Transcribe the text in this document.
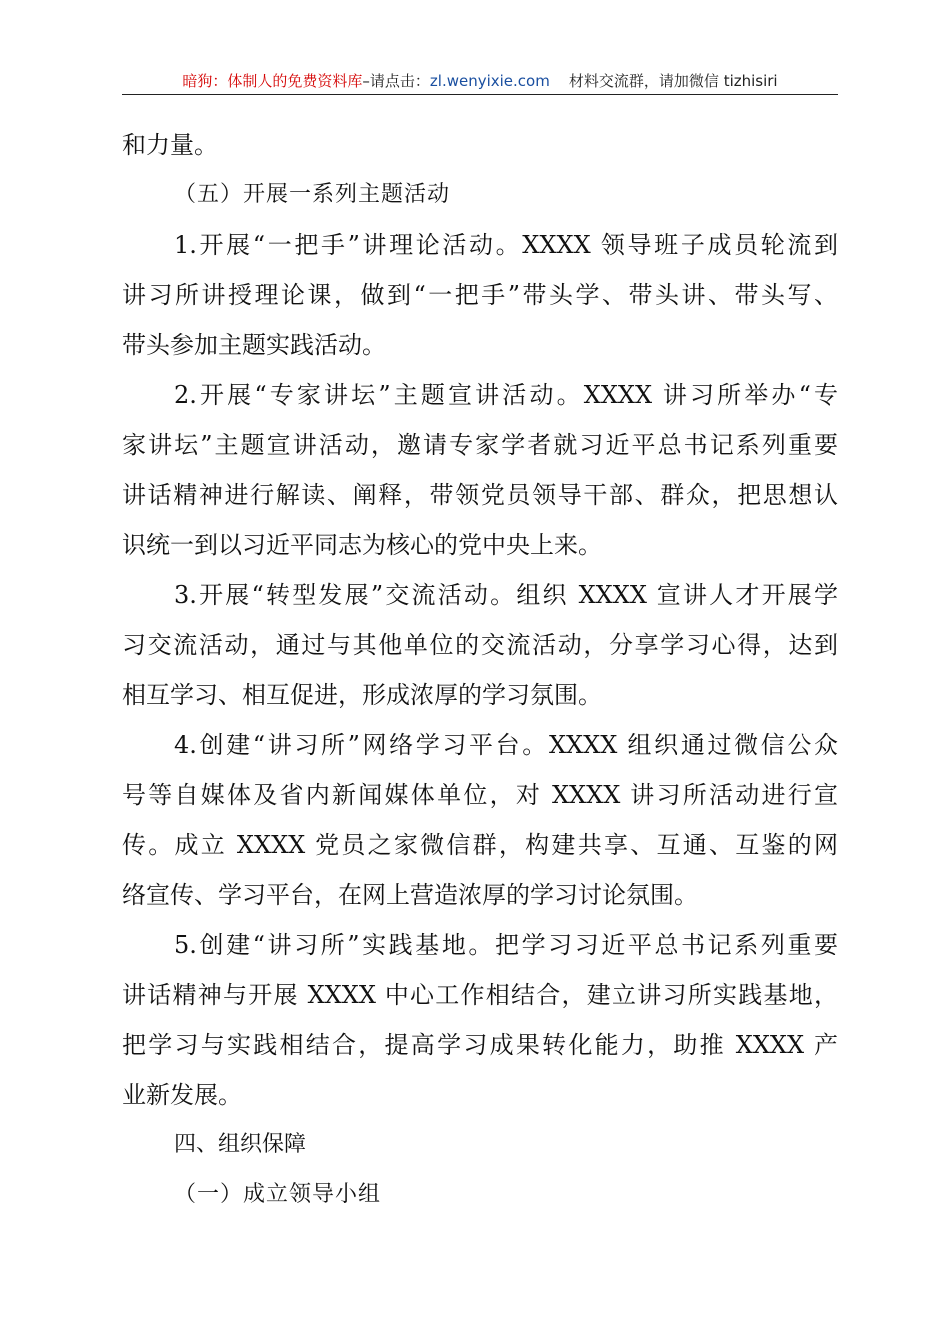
暗狗：体制人的免费资料库–请点击：zl.wenyixie.com 材料交流群，请加微信 tizhisiri
和力量。
（五）开展一系列主题活动
1.开展“一把手”讲理论活动。XXXX 领导班子成员轮流到
讲习所讲授理论课，做到“一把手”带头学、带头讲、带头写、
带头参加主题实践活动。
2.开展“专家讲坛”主题宣讲活动。XXXX 讲习所举办“专
家讲坛”主题宣讲活动，邀请专家学者就习近平总书记系列重要
讲话精神进行解读、阐释，带领党员领导干部、群众，把思想认
识统一到以习近平同志为核心的党中央上来。
3.开展“转型发展”交流活动。组织 XXXX 宣讲人才开展学
习交流活动，通过与其他单位的交流活动，分享学习心得，达到
相互学习、相互促进，形成浓厚的学习氛围。
4.创建“讲习所”网络学习平台。XXXX 组织通过微信公众
号等自媒体及省内新闻媒体单位，对 XXXX 讲习所活动进行宣
传。成立 XXXX 党员之家微信群，构建共享、互通、互鉴的网
络宣传、学习平台，在网上营造浓厚的学习讨论氛围。
5.创建“讲习所”实践基地。把学习习近平总书记系列重要
讲话精神与开展 XXXX 中心工作相结合，建立讲习所实践基地，
把学习与实践相结合，提高学习成果转化能力，助推 XXXX 产
业新发展。
四、组织保障
（一）成立领导小组
